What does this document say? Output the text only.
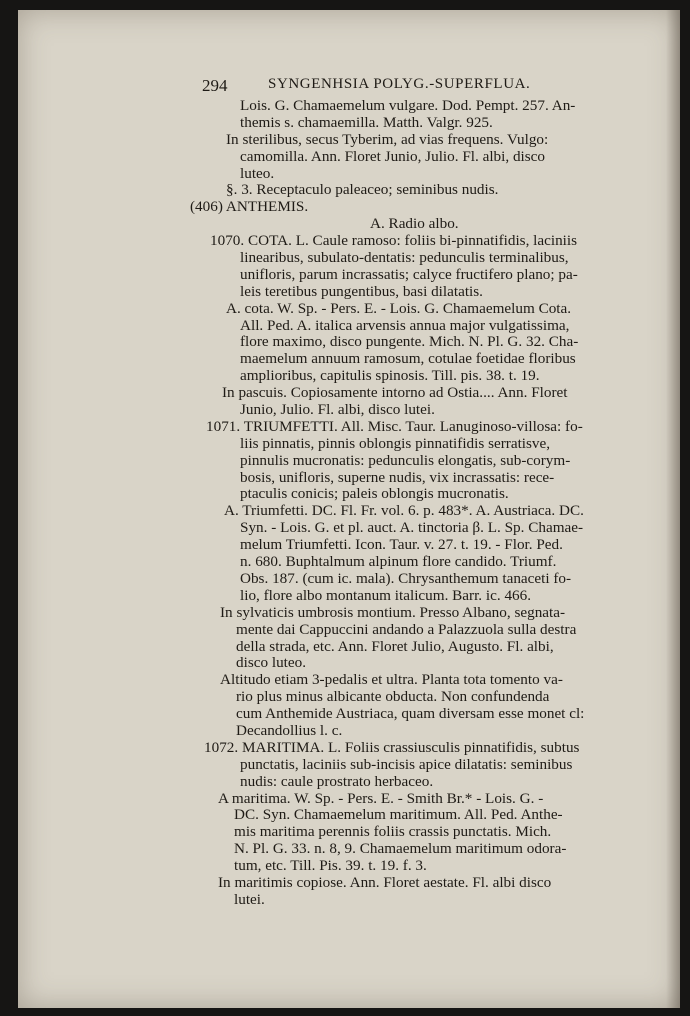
294	SYNGENHSIA POLYG.-SUPERFLUA.
Lois. G. Chamaemelum vulgare. Dod. Pempt. 257. An-
themis s. chamaemilla. Matth. Valgr. 925.
In sterilibus, secus Tyberim, ad vias frequens. Vulgo:
camomilla. Ann. Floret Junio, Julio. Fl. albi, disco
luteo.
§. 3. Receptaculo paleaceo; seminibus nudis.
(406) ANTHEMIS.
A. Radio albo.
1070. COTA. L. Caule ramoso: foliis bi-pinnatifidis, laciniis
linearibus, subulato-dentatis: pedunculis terminalibus,
unifloris, parum incrassatis; calyce fructifero plano; pa-
leis teretibus pungentibus, basi dilatatis.
A. cota. W. Sp. - Pers. E. - Lois. G. Chamaemelum Cota.
All. Ped. A. italica arvensis annua major vulgatissima,
flore maximo, disco pungente. Mich. N. Pl. G. 32. Cha-
maemelum annuum ramosum, cotulae foetidae floribus
amplioribus, capitulis spinosis. Till. pis. 38. t. 19.
In pascuis. Copiosamente intorno ad Ostia.... Ann. Floret
Junio, Julio. Fl. albi, disco lutei.
1071. TRIUMFETTI. All. Misc. Taur. Lanuginoso-villosa: fo-
liis pinnatis, pinnis oblongis pinnatifidis serratisve,
pinnulis mucronatis: pedunculis elongatis, sub-corym-
bosis, unifloris, superne nudis, vix incrassatis: rece-
ptaculis conicis; paleis oblongis mucronatis.
A. Triumfetti. DC. Fl. Fr. vol. 6. p. 483*. A. Austriaca. DC.
Syn. - Lois. G. et pl. auct. A. tinctoria β. L. Sp. Chamae-
melum Triumfetti. Icon. Taur. v. 27. t. 19. - Flor. Ped.
n. 680. Buphtalmum alpinum flore candido. Triumf.
Obs. 187. (cum ic. mala). Chrysanthemum tanaceti fo-
lio, flore albo montanum italicum. Barr. ic. 466.
In sylvaticis umbrosis montium. Presso Albano, segnata-
mente dai Cappuccini andando a Palazzuola sulla destra
della strada, etc. Ann. Floret Julio, Augusto. Fl. albi,
disco luteo.
Altitudo etiam 3-pedalis et ultra. Planta tota tomento va-
rio plus minus albicante obducta. Non confundenda
cum Anthemide Austriaca, quam diversam esse monet cl:
Decandollius l. c.
1072. MARITIMA. L. Foliis crassiusculis pinnatifidis, subtus
punctatis, laciniis sub-incisis apice dilatatis: seminibus
nudis: caule prostrato herbaceo.
A maritima. W. Sp. - Pers. E. - Smith Br.* - Lois. G. -
DC. Syn. Chamaemelum maritimum. All. Ped. Anthe-
mis maritima perennis foliis crassis punctatis. Mich.
N. Pl. G. 33. n. 8, 9. Chamaemelum maritimum odora-
tum, etc. Till. Pis. 39. t. 19. f. 3.
In maritimis copiose. Ann. Floret aestate. Fl. albi disco
lutei.
